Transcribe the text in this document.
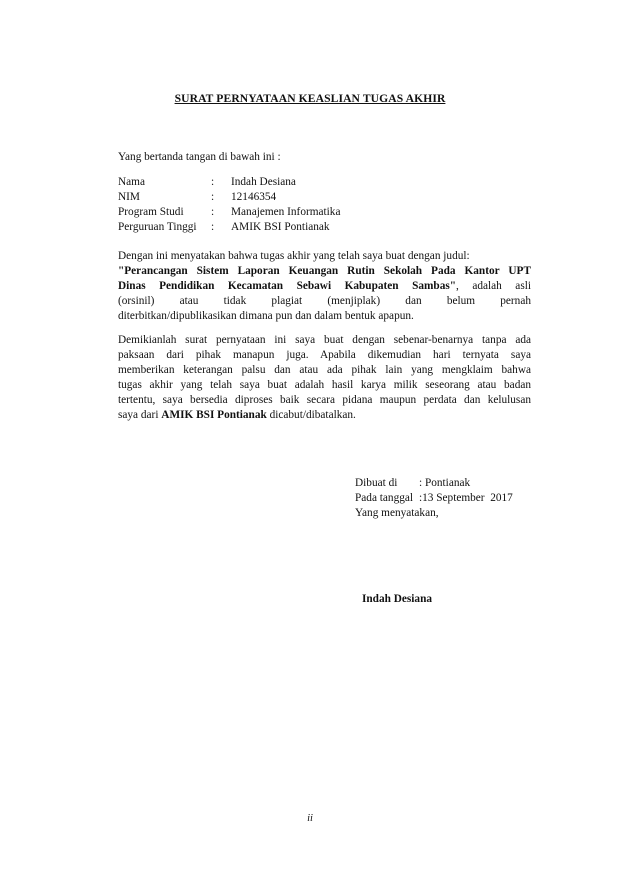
SURAT PERNYATAAN KEASLIAN TUGAS AKHIR
Yang bertanda tangan di bawah ini :
Nama	: Indah Desiana
NIM	: 12146354
Program Studi : Manajemen Informatika
Perguruan Tinggi : AMIK BSI Pontianak
Dengan ini menyatakan bahwa tugas akhir yang telah saya buat dengan judul:
"Perancangan Sistem Laporan Keuangan Rutin Sekolah Pada Kantor UPT
Dinas Pendidikan Kecamatan Sebawi Kabupaten Sambas", adalah asli
(orsinil) atau tidak plagiat (menjiplak) dan belum pernah
diterbitkan/dipublikasikan dimana pun dan dalam bentuk apapun.
Demikianlah surat pernyataan ini saya buat dengan sebenar-benarnya tanpa ada
paksaan dari pihak manapun juga. Apabila dikemudian hari ternyata saya
memberikan keterangan palsu dan atau ada pihak lain yang mengklaim bahwa
tugas akhir yang telah saya buat adalah hasil karya milik seseorang atau badan
tertentu, saya bersedia diproses baik secara pidana maupun perdata dan kelulusan
saya dari AMIK BSI Pontianak dicabut/dibatalkan.
Dibuat di : Pontianak
Pada tanggal :13 September  2017
Yang menyatakan,
Indah Desiana
ii
